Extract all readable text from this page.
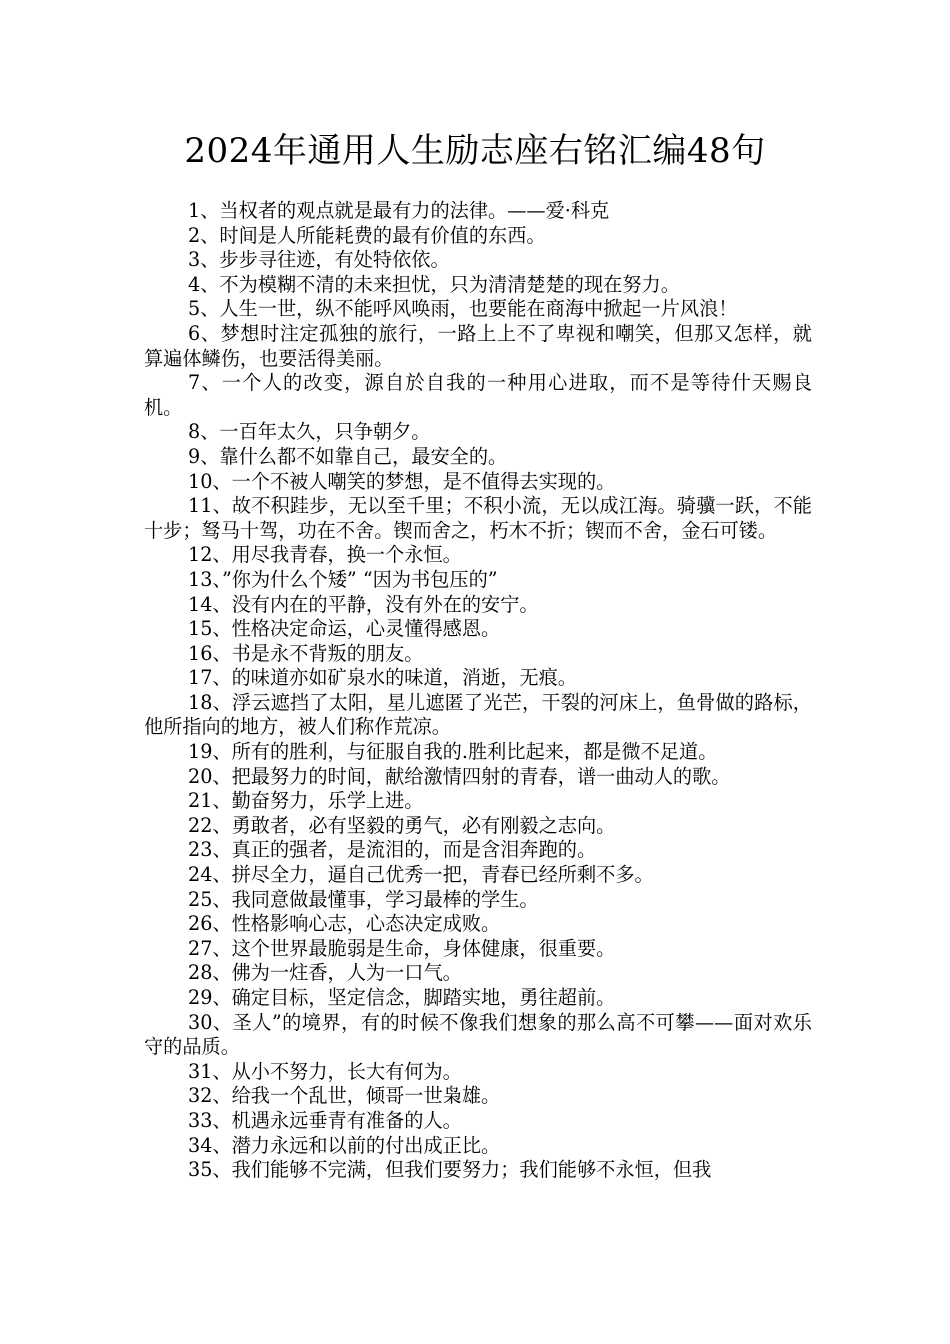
2024年通用人生励志座右铭汇编48句

1、当权者的观点就是最有力的法律。——爱·科克

2、时间是人所能耗费的最有价值的东西。

3、步步寻往迹，有处特依依。

4、不为模糊不清的未来担忧，只为清清楚楚的现在努力。

5、人生一世，纵不能呼风唤雨，也要能在商海中掀起一片风浪！

6、梦想时注定孤独的旅行，一路上上不了卑视和嘲笑，但那又怎样，就算遍体鳞伤，也要活得美丽。

7、一个人的改变，源自於自我的一种用心进取，而不是等待什天赐良机。

8、一百年太久，只争朝夕。

9、靠什么都不如靠自己，最安全的。

10、一个不被人嘲笑的梦想，是不值得去实现的。

11、故不积跬步，无以至千里；不积小流，无以成江海。骑骥一跃，不能十步；驽马十驾，功在不舍。锲而舍之，朽木不折；锲而不舍，金石可镂。

12、用尽我青春，换一个永恒。

13、”你为什么个矮” “因为书包压的”

14、没有内在的平静，没有外在的安宁。

15、性格决定命运，心灵懂得感恩。

16、书是永不背叛的朋友。

17、的味道亦如矿泉水的味道，消逝，无痕。

18、浮云遮挡了太阳，星儿遮匿了光芒，干裂的河床上，鱼骨做的路标，他所指向的地方，被人们称作荒凉。

19、所有的胜利，与征服自我的.胜利比起来，都是微不足道。

20、把最努力的时间，献给激情四射的青春，谱一曲动人的歌。

21、勤奋努力，乐学上进。

22、勇敢者，必有坚毅的勇气，必有刚毅之志向。

23、真正的强者，是流泪的，而是含泪奔跑的。

24、拼尽全力，逼自己优秀一把，青春已经所剩不多。

25、我同意做最懂事，学习最棒的学生。

26、性格影响心志，心态决定成败。

27、这个世界最脆弱是生命，身体健康，很重要。

28、佛为一炷香，人为一口气。

29、确定目标，坚定信念，脚踏实地，勇往超前。

30、圣人”的境界，有的时候不像我们想象的那么高不可攀——面对欢乐守的品质。

31、从小不努力，长大有何为。

32、给我一个乱世，倾哥一世枭雄。

33、机遇永远垂青有准备的人。

34、潜力永远和以前的付出成正比。

35、我们能够不完满，但我们要努力；我们能够不永恒，但我
